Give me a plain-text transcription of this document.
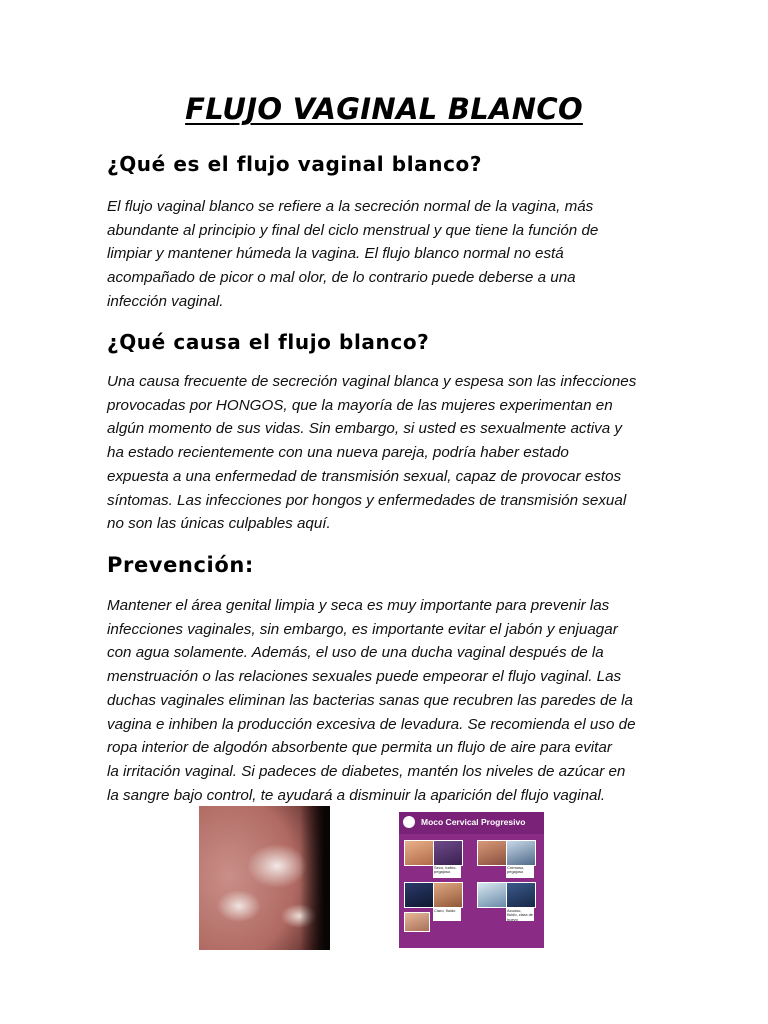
FLUJO VAGINAL BLANCO
¿Qué es el flujo vaginal blanco?
El flujo vaginal blanco se refiere a la secreción normal de la vagina, más
abundante al principio y final del ciclo menstrual y que tiene la función de
limpiar y mantener húmeda la vagina. El flujo blanco normal no está
acompañado de picor o mal olor, de lo contrario puede deberse a una
infección vaginal.
¿Qué causa el flujo blanco?
Una causa frecuente de secreción vaginal blanca y espesa son las infecciones
provocadas por HONGOS, que la mayoría de las mujeres experimentan en
algún momento de sus vidas. Sin embargo, si usted es sexualmente activa y
ha estado recientemente con una nueva pareja, podría haber estado
expuesta a una enfermedad de transmisión sexual, capaz de provocar estos
síntomas. Las infecciones por hongos y enfermedades de transmisión sexual
no son las únicas culpables aquí.
Prevención:
Mantener el área genital limpia y seca es muy importante para prevenir las
infecciones vaginales, sin embargo, es importante evitar el jabón y enjuagar
con agua solamente. Además, el uso de una ducha vaginal después de la
menstruación o las relaciones sexuales puede empeorar el flujo vaginal. Las
duchas vaginales eliminan las bacterias sanas que recubren las paredes de la
vagina e inhiben la producción excesiva de levadura. Se recomienda el uso de
ropa interior de algodón absorbente que permita un flujo de aire para evitar
la irritación vaginal. Si padeces de diabetes, mantén los niveles de azúcar en
la sangre bajo control, te ayudará a disminuir la aparición del flujo vaginal.
Moco Cervical Progresivo
Seco, turbio, pegajoso
Cremoso, pegajoso
Claro, fluido	Acuoso, fluido, clara de huevo
